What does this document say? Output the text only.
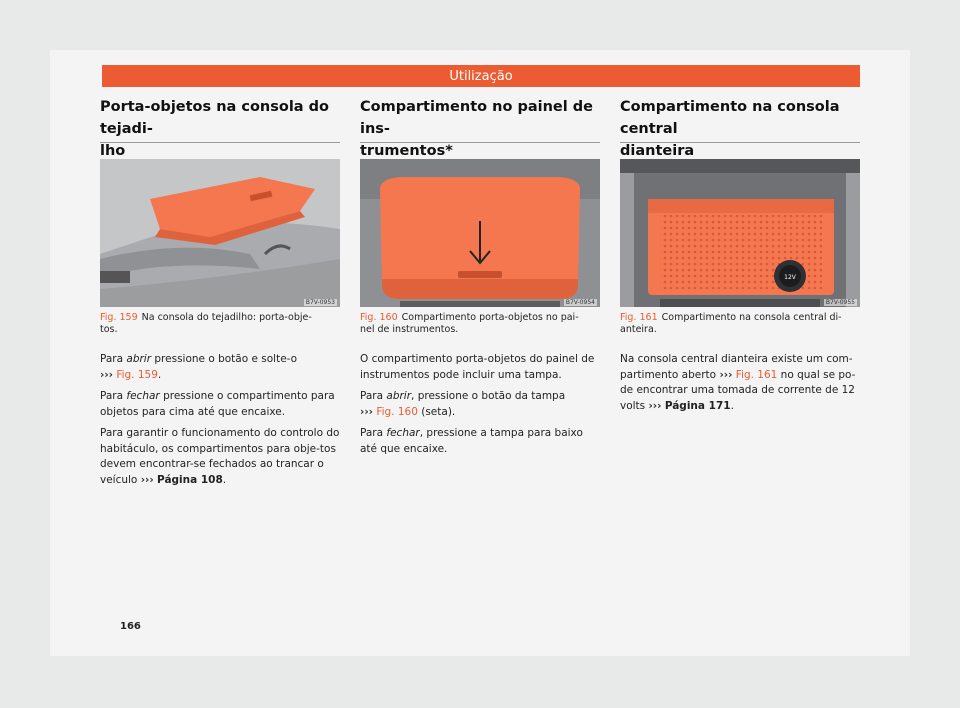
Utilização
Porta-objetos na consola do tejadi-
lho
B7V-0953
Fig. 159 Na consola do tejadilho: porta-obje-
tos.

Para abrir pressione o botão e solte-o
››› Fig. 159.

Para fechar pressione o compartimento para objetos para cima até que encaixe.

Para garantir o funcionamento do controlo do habitáculo, os compartimentos para obje-tos devem encontrar-se fechados ao trancar o veículo ››› Página 108.

Compartimento no painel de ins-
trumentos*
B7V-0954
Fig. 160 Compartimento porta-objetos no pai-
nel de instrumentos.

O compartimento porta-objetos do painel de instrumentos pode incluir uma tampa.

Para abrir, pressione o botão da tampa
››› Fig. 160 (seta).

Para fechar, pressione a tampa para baixo até que encaixe.

Compartimento na consola central
dianteira
12V
B7V-0955
Fig. 161 Compartimento na consola central di-
anteira.

Na consola central dianteira existe um com-partimento aberto ››› Fig. 161 no qual se po-de encontrar uma tomada de corrente de 12 volts ››› Página 171.

166
